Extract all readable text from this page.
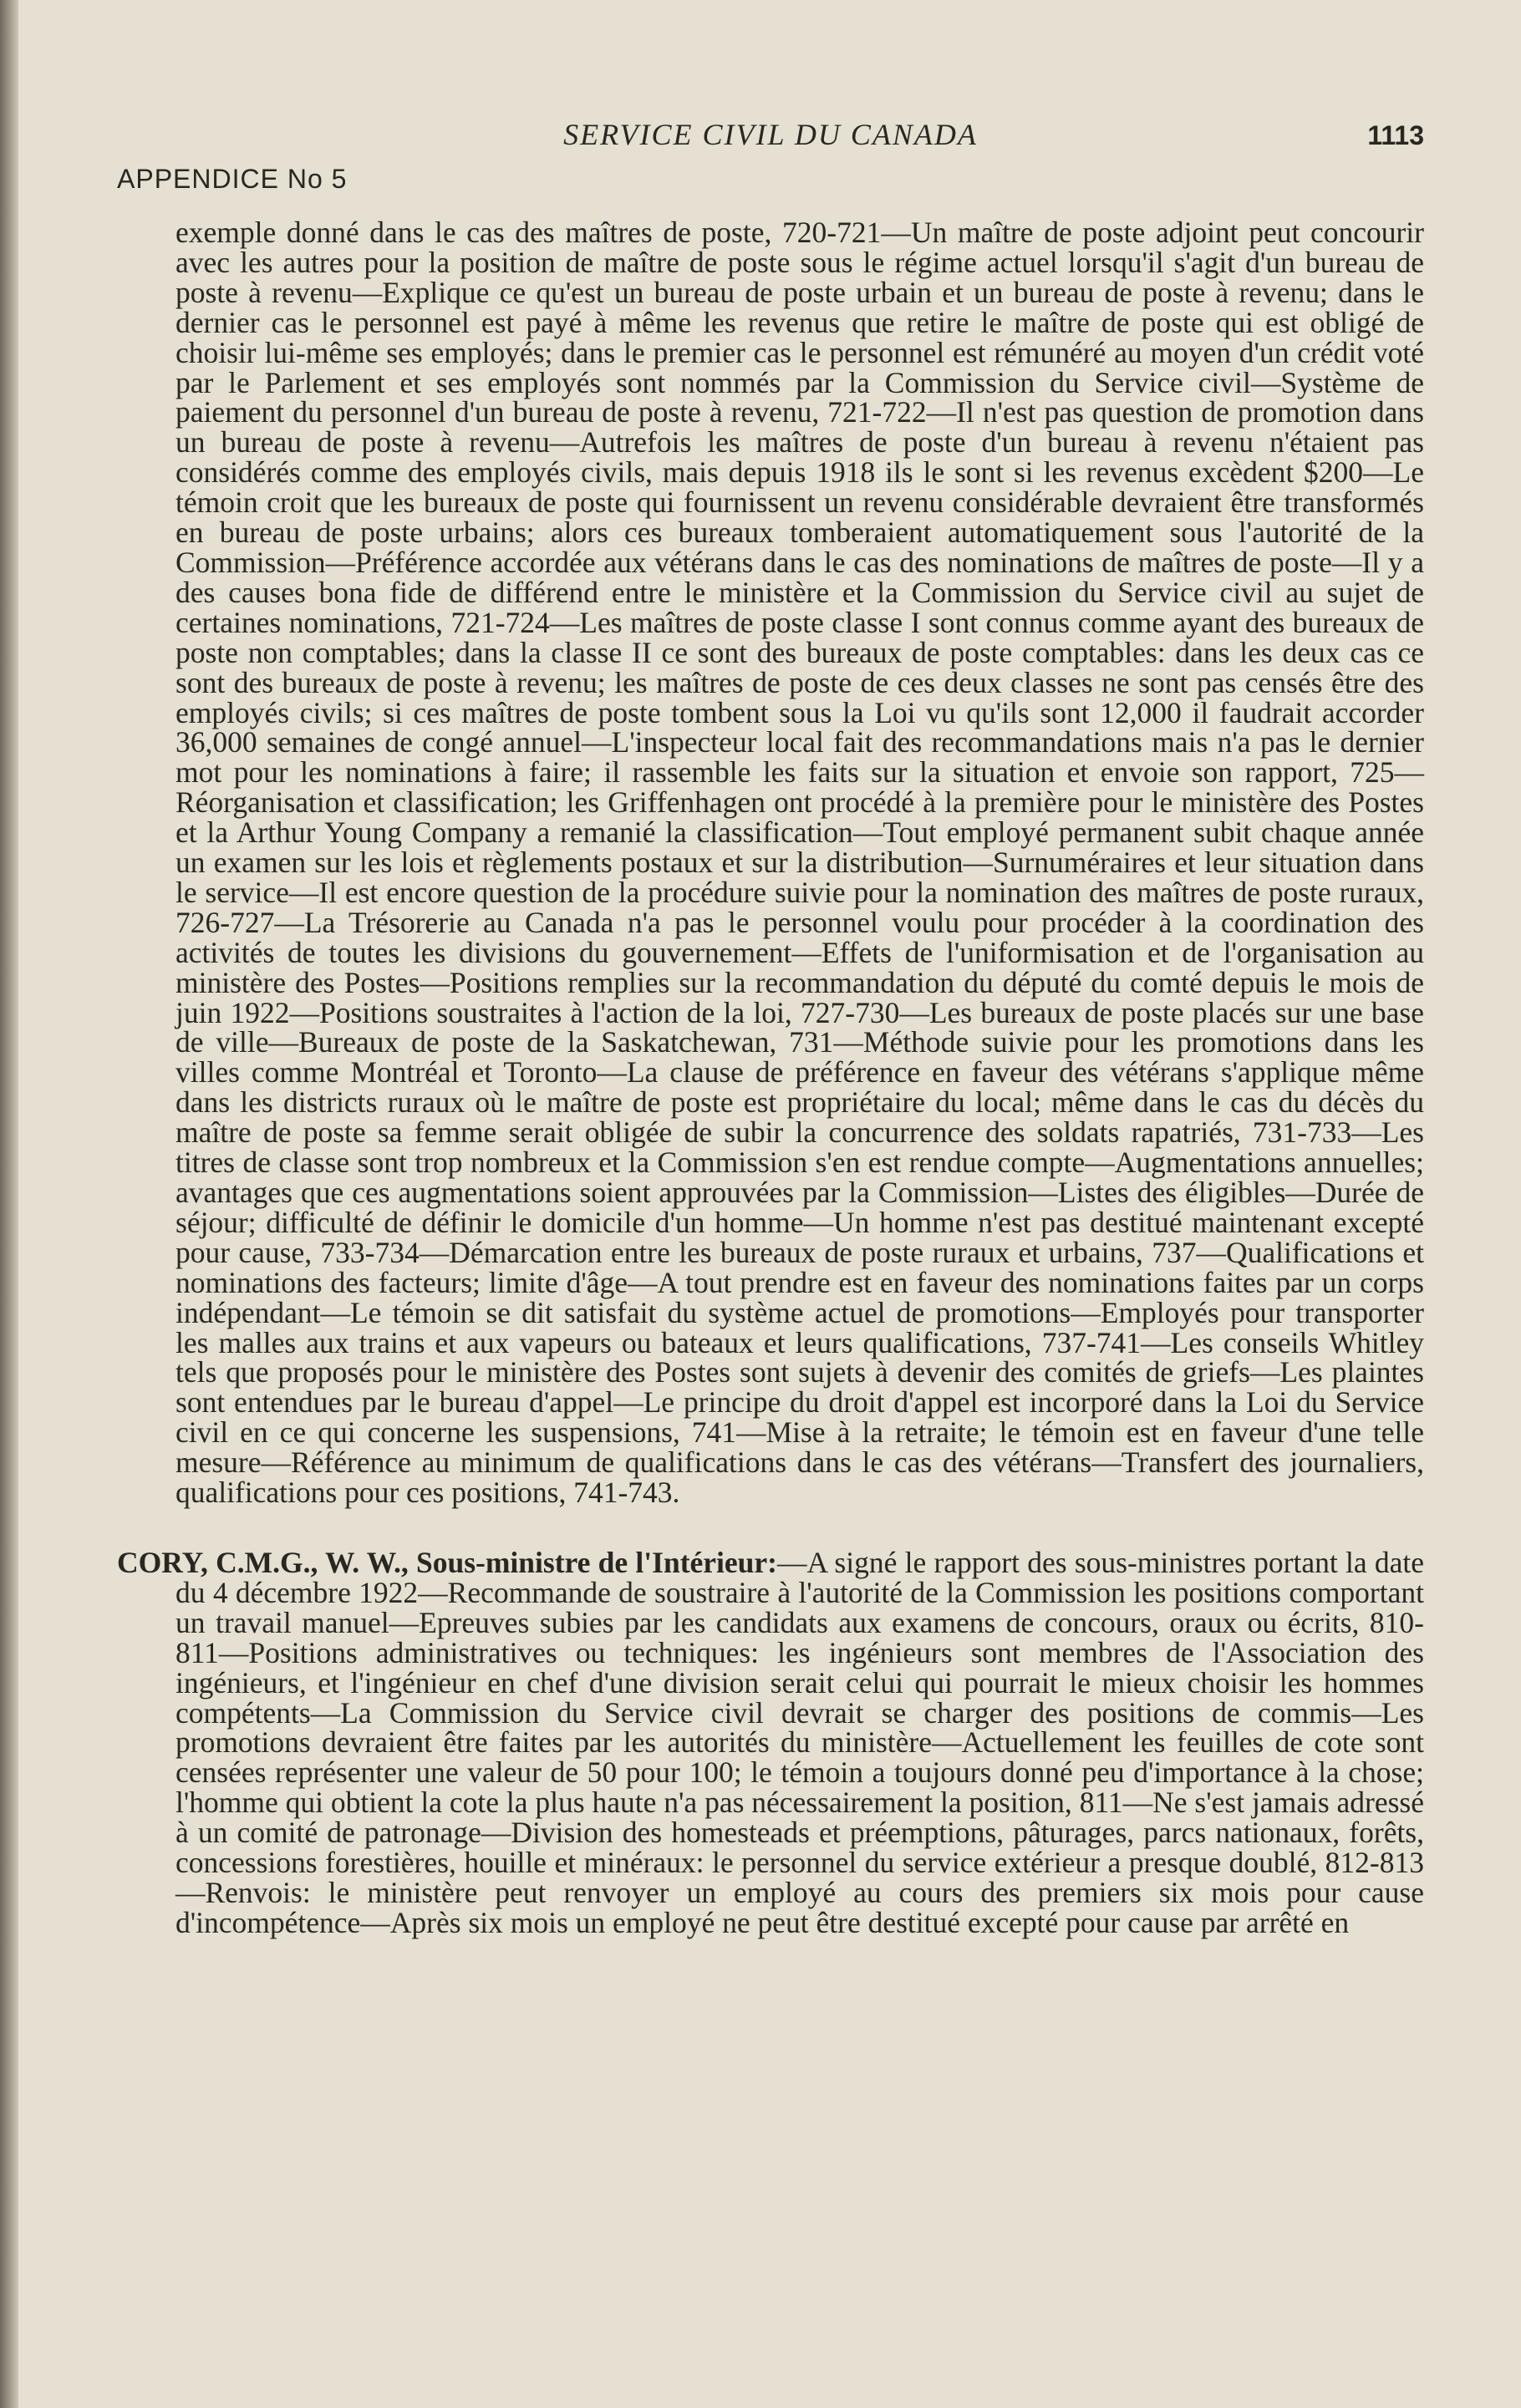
SERVICE CIVIL DU CANADA	1113
APPENDICE No 5

exemple donné dans le cas des maîtres de poste, 720-721—Un maître de poste adjoint peut concourir avec les autres pour la position de maître de poste sous le régime actuel lorsqu'il s'agit d'un bureau de poste à revenu—Explique ce qu'est un bureau de poste urbain et un bureau de poste à revenu; dans le dernier cas le personnel est payé à même les revenus que retire le maître de poste qui est obligé de choisir lui-même ses employés; dans le premier cas le personnel est rémunéré au moyen d'un crédit voté par le Parlement et ses employés sont nommés par la Commission du Service civil—Système de paiement du personnel d'un bureau de poste à revenu, 721-722—Il n'est pas question de promotion dans un bureau de poste à revenu—Autrefois les maîtres de poste d'un bureau à revenu n'étaient pas considérés comme des employés civils, mais depuis 1918 ils le sont si les revenus excèdent $200—Le témoin croit que les bureaux de poste qui fournissent un revenu considérable devraient être transformés en bureau de poste urbains; alors ces bureaux tomberaient automatiquement sous l'autorité de la Commission—Préférence accordée aux vétérans dans le cas des nominations de maîtres de poste—Il y a des causes bona fide de différend entre le ministère et la Commission du Service civil au sujet de certaines nominations, 721-724—Les maîtres de poste classe I sont connus comme ayant des bureaux de poste non comptables; dans la classe II ce sont des bureaux de poste comptables: dans les deux cas ce sont des bureaux de poste à revenu; les maîtres de poste de ces deux classes ne sont pas censés être des employés civils; si ces maîtres de poste tombent sous la Loi vu qu'ils sont 12,000 il faudrait accorder 36,000 semaines de congé annuel—L'inspecteur local fait des recommandations mais n'a pas le dernier mot pour les nominations à faire; il rassemble les faits sur la situation et envoie son rapport, 725—Réorganisation et classification; les Griffenhagen ont procédé à la première pour le ministère des Postes et la Arthur Young Company a remanié la classification—Tout employé permanent subit chaque année un examen sur les lois et règlements postaux et sur la distribution—Surnuméraires et leur situation dans le service—Il est encore question de la procédure suivie pour la nomination des maîtres de poste ruraux, 726-727—La Trésorerie au Canada n'a pas le personnel voulu pour procéder à la coordination des activités de toutes les divisions du gouvernement—Effets de l'uniformisation et de l'organisation au ministère des Postes—Positions remplies sur la recommandation du député du comté depuis le mois de juin 1922—Positions soustraites à l'action de la loi, 727-730—Les bureaux de poste placés sur une base de ville—Bureaux de poste de la Saskatchewan, 731—Méthode suivie pour les promotions dans les villes comme Montréal et Toronto—La clause de préférence en faveur des vétérans s'applique même dans les districts ruraux où le maître de poste est propriétaire du local; même dans le cas du décès du maître de poste sa femme serait obligée de subir la concurrence des soldats rapatriés, 731-733—Les titres de classe sont trop nombreux et la Commission s'en est rendue compte—Augmentations annuelles; avantages que ces augmentations soient approuvées par la Commission—Listes des éligibles—Durée de séjour; difficulté de définir le domicile d'un homme—Un homme n'est pas destitué maintenant excepté pour cause, 733-734—Démarcation entre les bureaux de poste ruraux et urbains, 737—Qualifications et nominations des facteurs; limite d'âge—A tout prendre est en faveur des nominations faites par un corps indépendant—Le témoin se dit satisfait du système actuel de promotions—Employés pour transporter les malles aux trains et aux vapeurs ou bateaux et leurs qualifications, 737-741—Les conseils Whitley tels que proposés pour le ministère des Postes sont sujets à devenir des comités de griefs—Les plaintes sont entendues par le bureau d'appel—Le principe du droit d'appel est incorporé dans la Loi du Service civil en ce qui concerne les suspensions, 741—Mise à la retraite; le témoin est en faveur d'une telle mesure—Référence au minimum de qualifications dans le cas des vétérans—Transfert des journaliers, qualifications pour ces positions, 741-743.

CORY, C.M.G., W. W., Sous-ministre de l'Intérieur:—A signé le rapport des sous-ministres portant la date du 4 décembre 1922—Recommande de soustraire à l'autorité de la Commission les positions comportant un travail manuel—Epreuves subies par les candidats aux examens de concours, oraux ou écrits, 810-811—Positions administratives ou techniques: les ingénieurs sont membres de l'Association des ingénieurs, et l'ingénieur en chef d'une division serait celui qui pourrait le mieux choisir les hommes compétents—La Commission du Service civil devrait se charger des positions de commis—Les promotions devraient être faites par les autorités du ministère—Actuellement les feuilles de cote sont censées représenter une valeur de 50 pour 100; le témoin a toujours donné peu d'importance à la chose; l'homme qui obtient la cote la plus haute n'a pas nécessairement la position, 811—Ne s'est jamais adressé à un comité de patronage—Division des homesteads et préemptions, pâturages, parcs nationaux, forêts, concessions forestières, houille et minéraux: le personnel du service extérieur a presque doublé, 812-813—Renvois: le ministère peut renvoyer un employé au cours des premiers six mois pour cause d'incompétence—Après six mois un employé ne peut être destitué excepté pour cause par arrêté en
